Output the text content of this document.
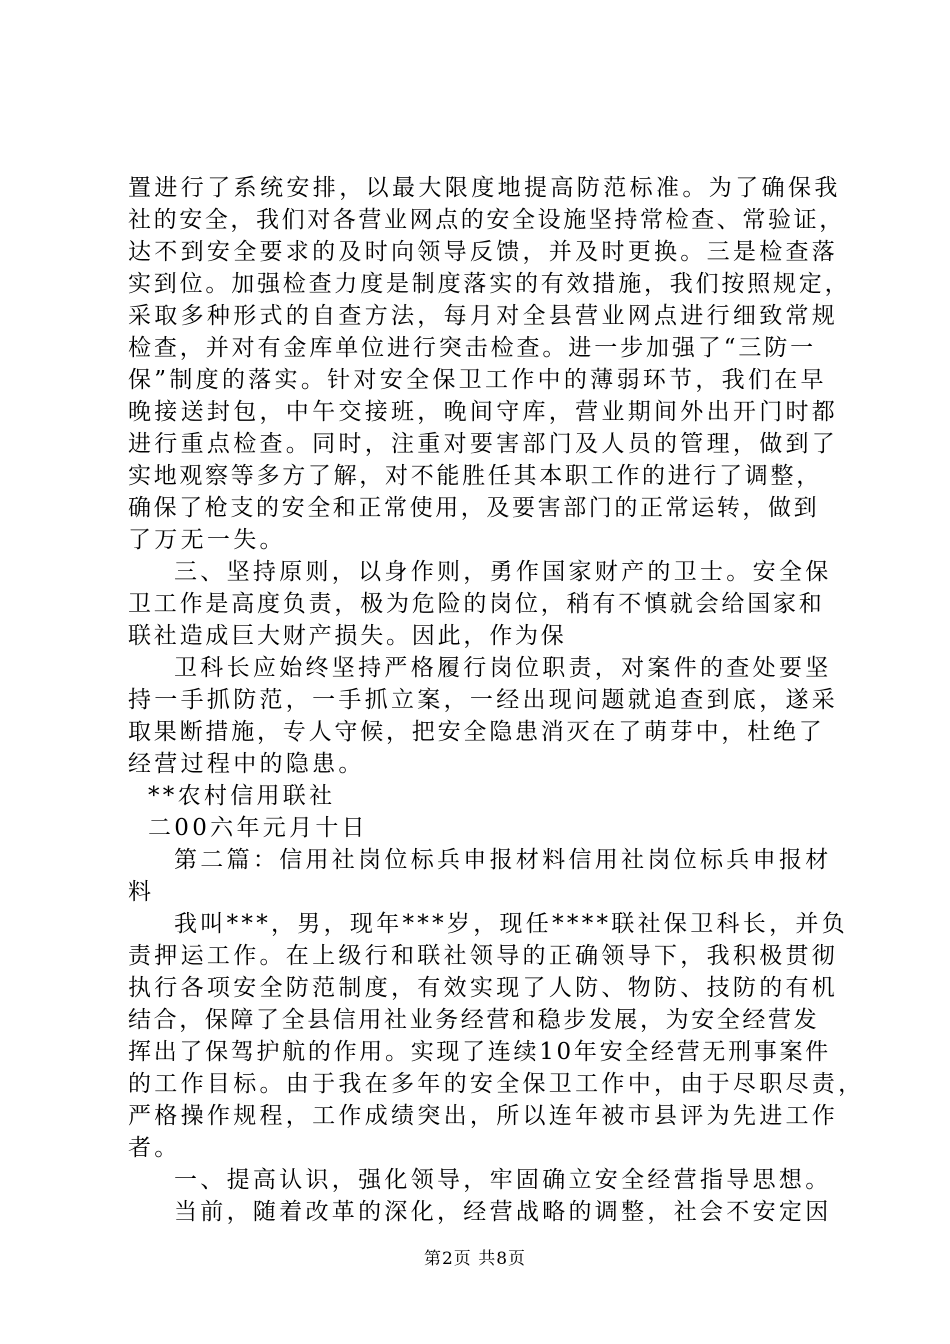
置进行了系统安排，以最大限度地提高防范标准。为了确保我
社的安全，我们对各营业网点的安全设施坚持常检查、常验证，
达不到安全要求的及时向领导反馈，并及时更换。三是检查落
实到位。加强检查力度是制度落实的有效措施，我们按照规定，
采取多种形式的自查方法，每月对全县营业网点进行细致常规
检查，并对有金库单位进行突击检查。进一步加强了“三防一
保”制度的落实。针对安全保卫工作中的薄弱环节，我们在早
晚接送封包，中午交接班，晚间守库，营业期间外出开门时都
进行重点检查。同时，注重对要害部门及人员的管理，做到了
实地观察等多方了解，对不能胜任其本职工作的进行了调整，
确保了枪支的安全和正常使用，及要害部门的正常运转，做到
了万无一失。
三、坚持原则，以身作则，勇作国家财产的卫士。安全保
卫工作是高度负责，极为危险的岗位，稍有不慎就会给国家和
联社造成巨大财产损失。因此，作为保
卫科长应始终坚持严格履行岗位职责，对案件的查处要坚
持一手抓防范，一手抓立案，一经出现问题就追查到底，遂采
取果断措施，专人守候，把安全隐患消灭在了萌芽中，杜绝了
经营过程中的隐患。
**农村信用联社
二00六年元月十日
第二篇：信用社岗位标兵申报材料信用社岗位标兵申报材
料
我叫***，男，现年***岁，现任****联社保卫科长，并负
责押运工作。在上级行和联社领导的正确领导下，我积极贯彻
执行各项安全防范制度，有效实现了人防、物防、技防的有机
结合，保障了全县信用社业务经营和稳步发展，为安全经营发
挥出了保驾护航的作用。实现了连续10年安全经营无刑事案件
的工作目标。由于我在多年的安全保卫工作中，由于尽职尽责，
严格操作规程，工作成绩突出，所以连年被市县评为先进工作
者。
一、提高认识，强化领导，牢固确立安全经营指导思想。
当前，随着改革的深化，经营战略的调整，社会不安定因
第2页 共8页
